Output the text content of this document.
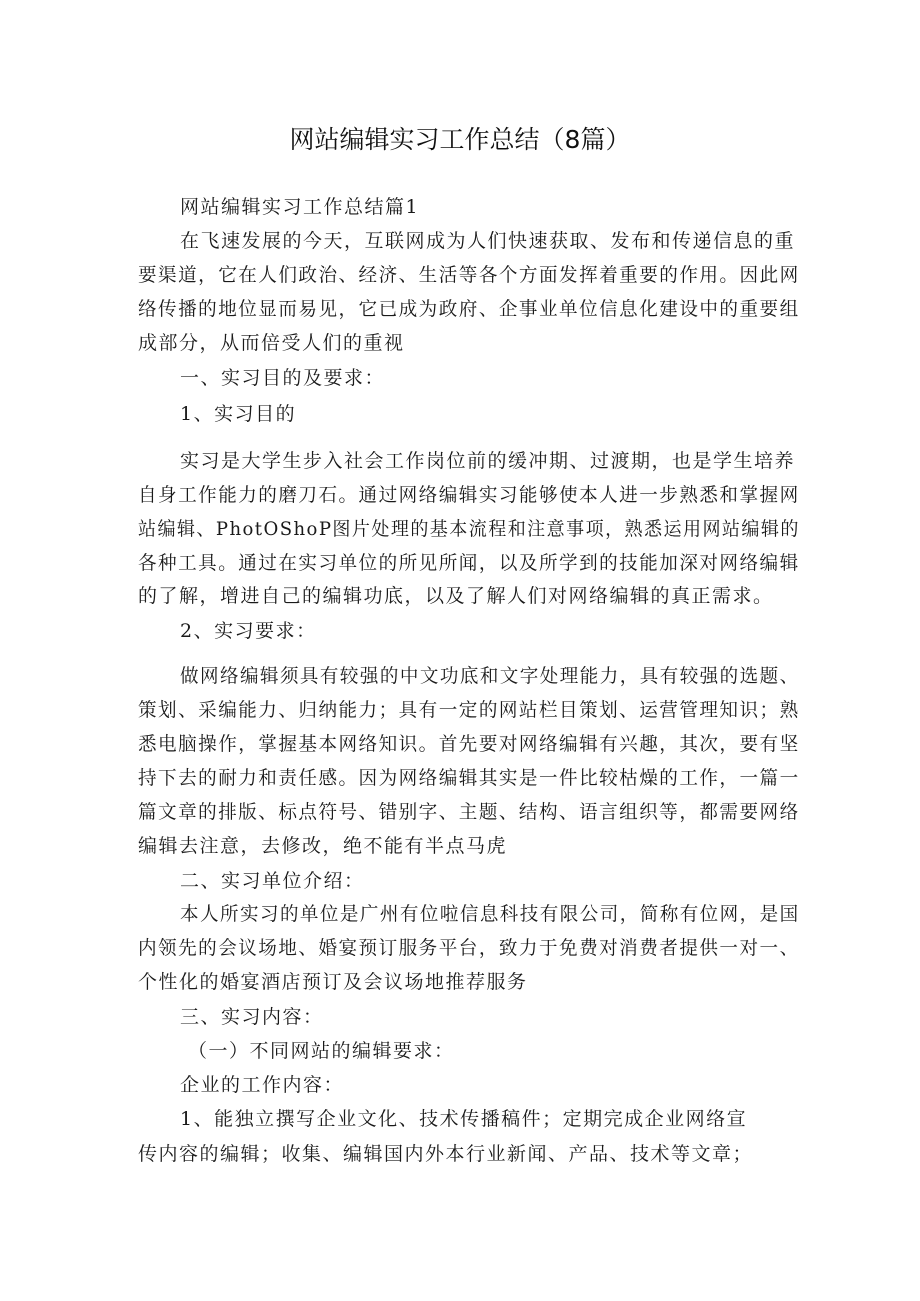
网站编辑实习工作总结（8篇）
网站编辑实习工作总结篇1
在飞速发展的今天，互联网成为人们快速获取、发布和传递信息的重
要渠道，它在人们政治、经济、生活等各个方面发挥着重要的作用。因此网
络传播的地位显而易见，它已成为政府、企事业单位信息化建设中的重要组
成部分，从而倍受人们的重视
一、实习目的及要求：
1、实习目的
实习是大学生步入社会工作岗位前的缓冲期、过渡期，也是学生培养
自身工作能力的磨刀石。通过网络编辑实习能够使本人进一步熟悉和掌握网
站编辑、PhotOShoP图片处理的基本流程和注意事项，熟悉运用网站编辑的
各种工具。通过在实习单位的所见所闻，以及所学到的技能加深对网络编辑
的了解，增进自己的编辑功底，以及了解人们对网络编辑的真正需求。
2、实习要求：
做网络编辑须具有较强的中文功底和文字处理能力，具有较强的选题、
策划、采编能力、归纳能力；具有一定的网站栏目策划、运营管理知识；熟
悉电脑操作，掌握基本网络知识。首先要对网络编辑有兴趣，其次，要有坚
持下去的耐力和责任感。因为网络编辑其实是一件比较枯燥的工作，一篇一
篇文章的排版、标点符号、错别字、主题、结构、语言组织等，都需要网络
编辑去注意，去修改，绝不能有半点马虎
二、实习单位介绍：
本人所实习的单位是广州有位啦信息科技有限公司，简称有位网，是国
内领先的会议场地、婚宴预订服务平台，致力于免费对消费者提供一对一、
个性化的婚宴酒店预订及会议场地推荐服务
三、实习内容：
（一）不同网站的编辑要求：
企业的工作内容：
1、能独立撰写企业文化、技术传播稿件；定期完成企业网络宣
传内容的编辑；收集、编辑国内外本行业新闻、产品、技术等文章；
